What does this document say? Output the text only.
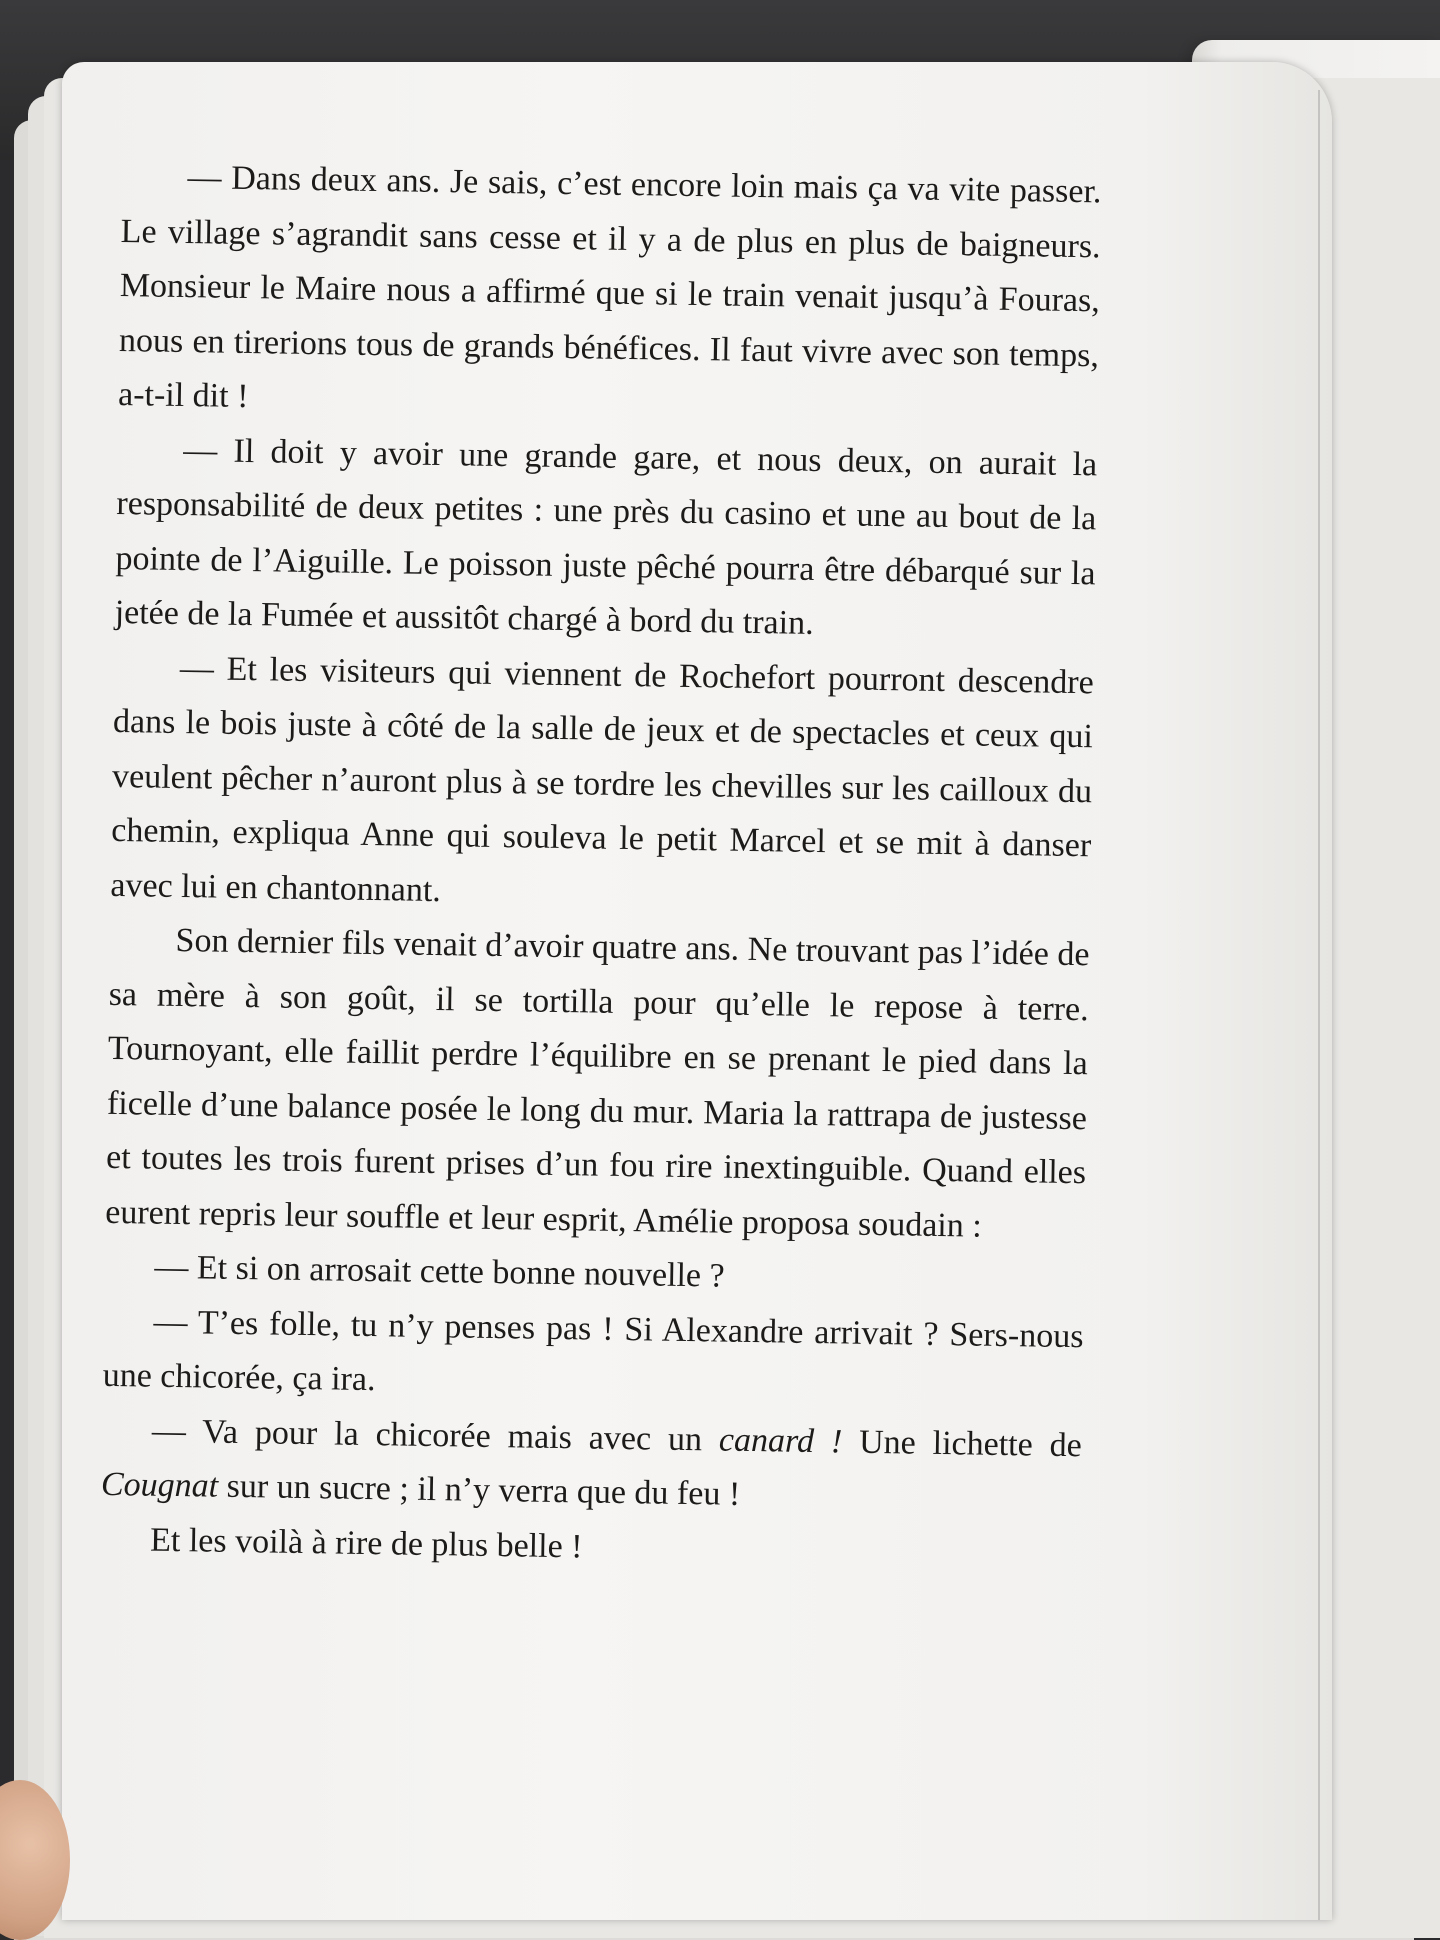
— Dans deux ans. Je sais, c’est encore loin mais ça va vite passer. Le village s’agrandit sans cesse et il y a de plus en plus de baigneurs. Monsieur le Maire nous a affirmé que si le train venait jusqu’à Fouras, nous en tirerions tous de grands bénéfices. Il faut vivre avec son temps, a-t-il dit !

— Il doit y avoir une grande gare, et nous deux, on aurait la responsabilité de deux petites : une près du casino et une au bout de la pointe de l’Aiguille. Le poisson juste pêché pourra être débarqué sur la jetée de la Fumée et aussitôt chargé à bord du train.

— Et les visiteurs qui viennent de Rochefort pourront descendre dans le bois juste à côté de la salle de jeux et de spectacles et ceux qui veulent pêcher n’auront plus à se tordre les chevilles sur les cailloux du chemin, expliqua Anne qui souleva le petit Marcel et se mit à danser avec lui en chantonnant.

Son dernier fils venait d’avoir quatre ans. Ne trouvant pas l’idée de sa mère à son goût, il se tortilla pour qu’elle le repose à terre. Tournoyant, elle faillit perdre l’équilibre en se prenant le pied dans la ficelle d’une balance posée le long du mur. Maria la rattrapa de justesse et toutes les trois furent prises d’un fou rire inextinguible. Quand elles eurent repris leur souffle et leur esprit, Amélie proposa soudain :

— Et si on arrosait cette bonne nouvelle ?

— T’es folle, tu n’y penses pas ! Si Alexandre arrivait ? Sers-nous une chicorée, ça ira.

— Va pour la chicorée mais avec un canard ! Une lichette de Cougnat sur un sucre ; il n’y verra que du feu !

Et les voilà à rire de plus belle !
